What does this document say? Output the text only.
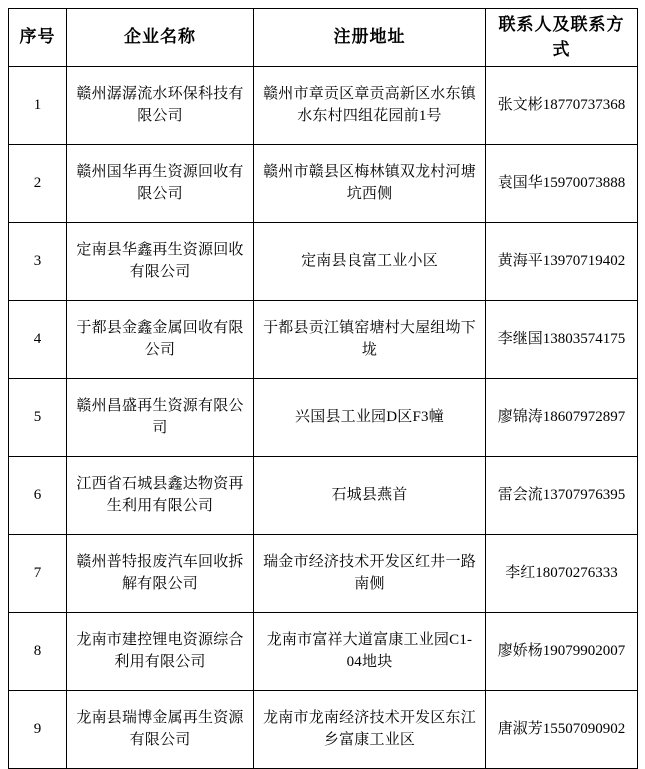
序号	企业名称	注册地址	联系人及联系方式
1	赣州潺潺流水环保科技有限公司	赣州市章贡区章贡高新区水东镇水东村四组花园前1号	张文彬18770737368
2	赣州国华再生资源回收有限公司	赣州市赣县区梅林镇双龙村河塘坑西侧	袁国华15970073888
3	定南县华鑫再生资源回收有限公司	定南县良富工业小区	黄海平13970719402
4	于都县金鑫金属回收有限公司	于都县贡江镇窑塘村大屋组坳下垅	李继国13803574175
5	赣州昌盛再生资源有限公司	兴国县工业园D区F3幢	廖锦涛18607972897
6	江西省石城县鑫达物资再生利用有限公司	石城县燕首	雷会流13707976395
7	赣州普特报废汽车回收拆解有限公司	瑞金市经济技术开发区红井一路南侧	李红18070276333
8	龙南市建控锂电资源综合利用有限公司	龙南市富祥大道富康工业园C1-04地块	廖娇杨19079902007
9	龙南县瑞博金属再生资源有限公司	龙南市龙南经济技术开发区东江乡富康工业区	唐淑芳15507090902
